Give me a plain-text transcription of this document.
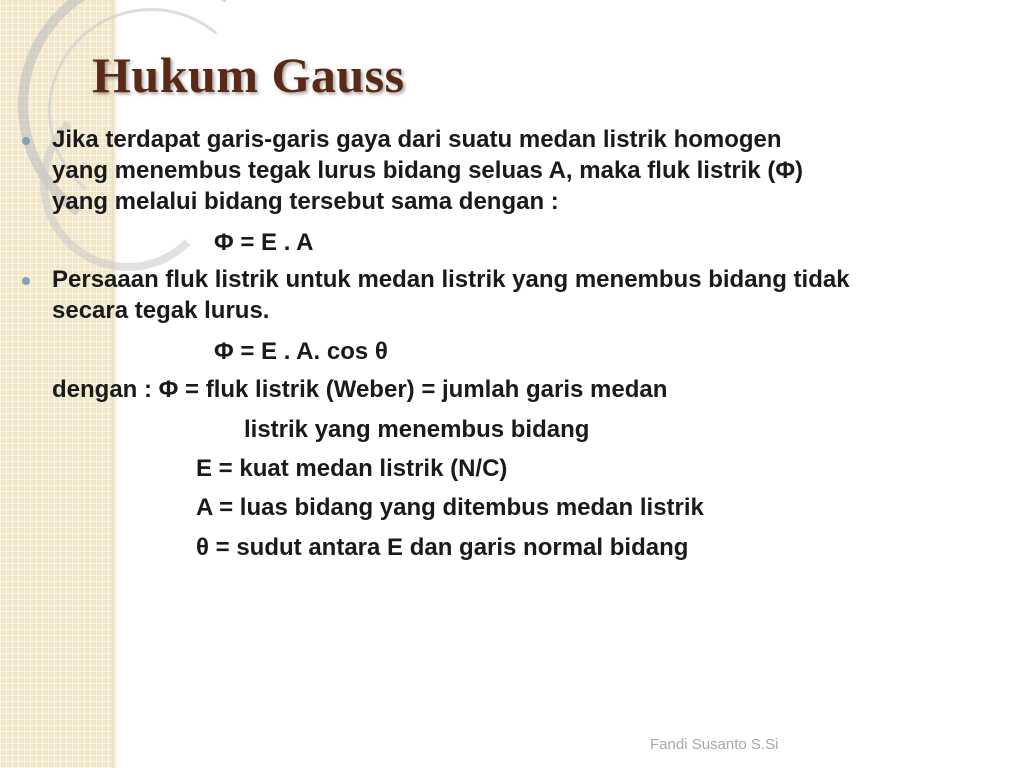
Hukum Gauss
Jika terdapat garis-garis gaya dari suatu medan listrik homogen
yang menembus tegak lurus bidang seluas A, maka fluk listrik (Φ)
yang melalui bidang tersebut sama dengan :
Φ = E . A
Persaaan fluk listrik untuk medan listrik yang menembus bidang tidak
secara tegak lurus.
Φ = E . A. cos θ
dengan : Φ = fluk listrik (Weber) = jumlah garis medan
listrik yang menembus bidang
E = kuat medan listrik (N/C)
A = luas bidang yang ditembus medan listrik
θ = sudut antara E dan garis normal bidang
Fandi Susanto S.Si
